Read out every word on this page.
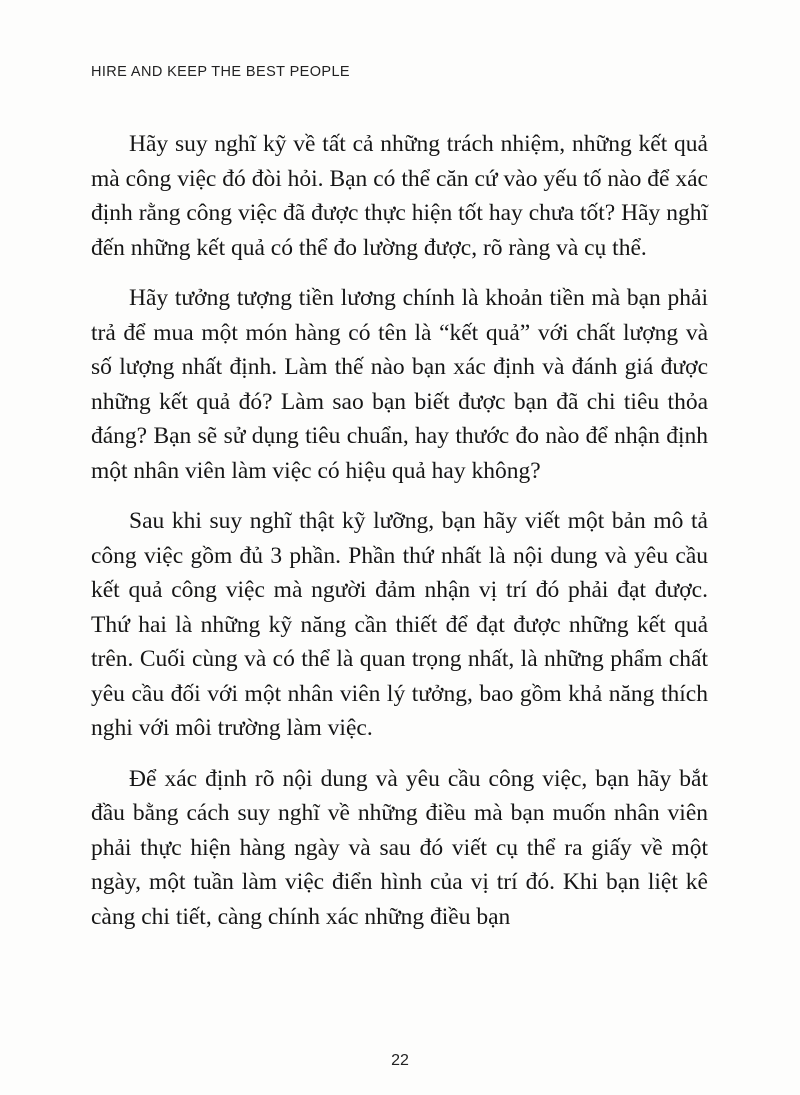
HIRE AND KEEP THE BEST PEOPLE

Hãy suy nghĩ kỹ về tất cả những trách nhiệm, những kết quả mà công việc đó đòi hỏi. Bạn có thể căn cứ vào yếu tố nào để xác định rằng công việc đã được thực hiện tốt hay chưa tốt? Hãy nghĩ đến những kết quả có thể đo lường được, rõ ràng và cụ thể.

Hãy tưởng tượng tiền lương chính là khoản tiền mà bạn phải trả để mua một món hàng có tên là “kết quả” với chất lượng và số lượng nhất định. Làm thế nào bạn xác định và đánh giá được những kết quả đó? Làm sao bạn biết được bạn đã chi tiêu thỏa đáng? Bạn sẽ sử dụng tiêu chuẩn, hay thước đo nào để nhận định một nhân viên làm việc có hiệu quả hay không?

Sau khi suy nghĩ thật kỹ lưỡng, bạn hãy viết một bản mô tả công việc gồm đủ 3 phần. Phần thứ nhất là nội dung và yêu cầu kết quả công việc mà người đảm nhận vị trí đó phải đạt được. Thứ hai là những kỹ năng cần thiết để đạt được những kết quả trên. Cuối cùng và có thể là quan trọng nhất, là những phẩm chất yêu cầu đối với một nhân viên lý tưởng, bao gồm khả năng thích nghi với môi trường làm việc.

Để xác định rõ nội dung và yêu cầu công việc, bạn hãy bắt đầu bằng cách suy nghĩ về những điều mà bạn muốn nhân viên phải thực hiện hàng ngày và sau đó viết cụ thể ra giấy về một ngày, một tuần làm việc điển hình của vị trí đó. Khi bạn liệt kê càng chi tiết, càng chính xác những điều bạn

22
